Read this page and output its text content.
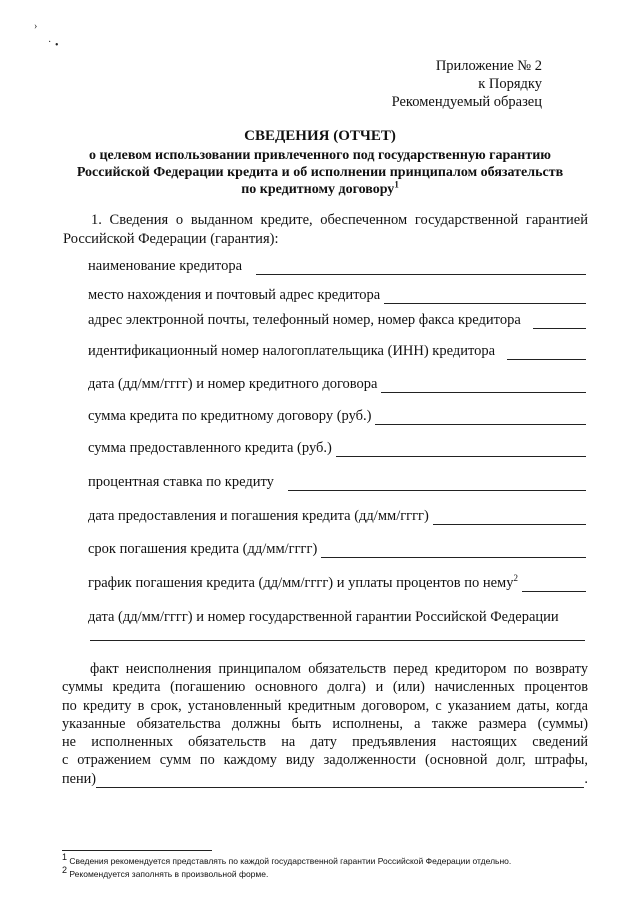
›
· •
Приложение № 2
к Порядку
Рекомендуемый образец
СВЕДЕНИЯ (ОТЧЕТ)
о целевом использовании привлеченного под государственную гарантию
Российской Федерации кредита и об исполнении принципалом обязательств
по кредитному договору$^1$
1. Сведения о выданном кредите, обеспеченном государственной гарантией Российской Федерации (гарантия):
наименование кредитора
место нахождения и почтовый адрес кредитора
адрес электронной почты, телефонный номер, номер факса кредитора
идентификационный номер налогоплательщика (ИНН) кредитора
дата (дд/мм/гггг) и номер кредитного договора
сумма кредита по кредитному договору (руб.)
сумма предоставленного кредита (руб.)
процентная ставка по кредиту
дата предоставления и погашения кредита (дд/мм/гггг)
срок погашения кредита (дд/мм/гггг)
график погашения кредита (дд/мм/гггг) и уплаты процентов по нему$^2$
дата (дд/мм/гггг) и номер государственной гарантии Российской Федерации
факт неисполнения принципалом обязательств перед кредитором по возврату
суммы кредита (погашению основного долга) и (или) начисленных процентов
по кредиту в срок, установленный кредитным договором, с указанием даты, когда
указанные обязательства должны быть исполнены, а также размера (суммы)
не исполненных обязательств на дату предъявления настоящих сведений
с отражением сумм по каждому виду задолженности (основной долг, штрафы,
пени)	.
$^1$ Сведения рекомендуется представлять по каждой государственной гарантии Российской Федерации отдельно.
$^2$ Рекомендуется заполнять в произвольной форме.
